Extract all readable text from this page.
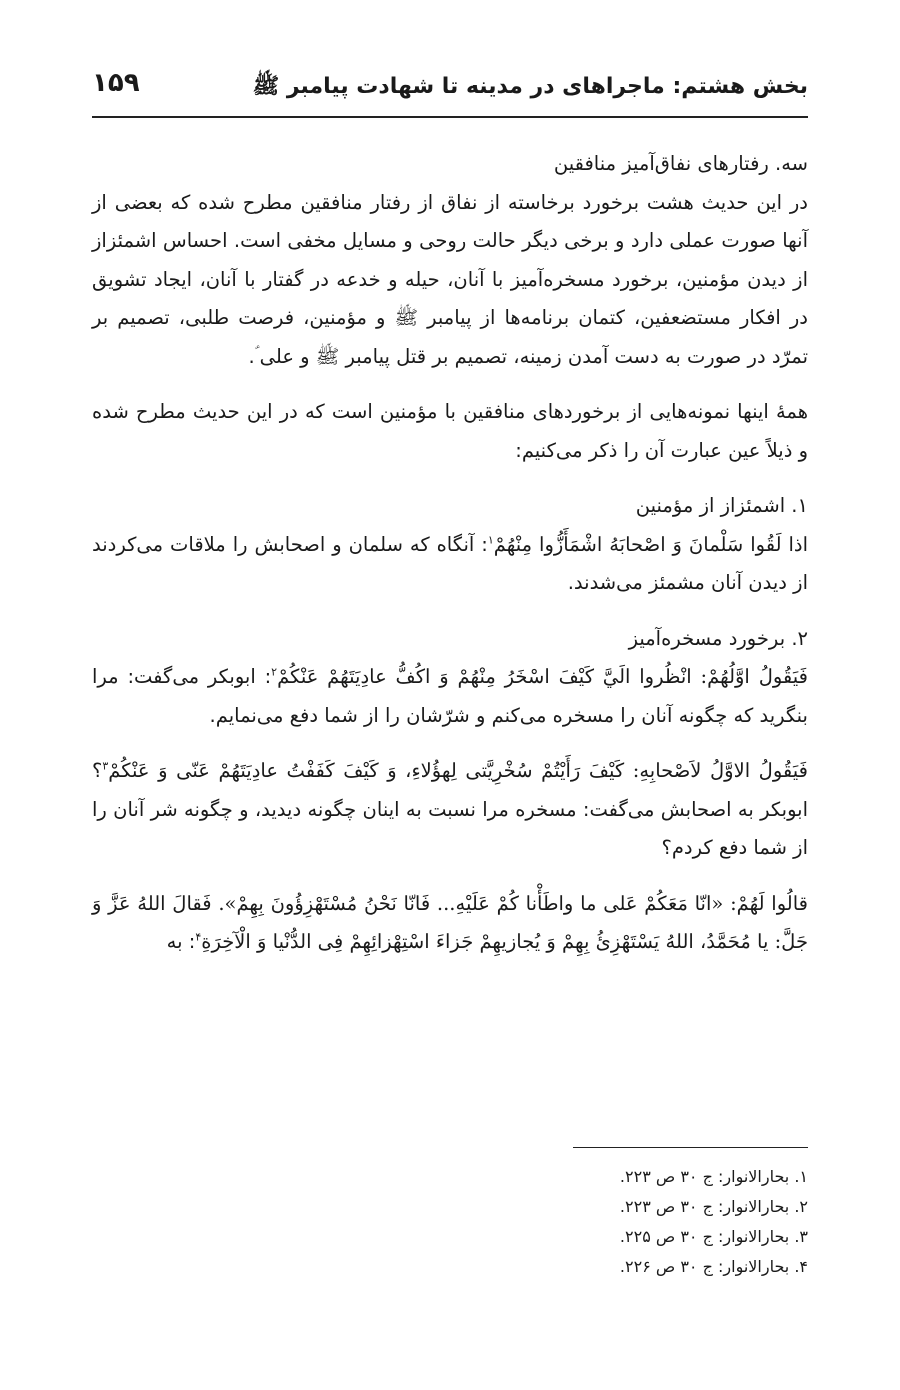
بخش هشتم: ماجراهای در مدینه تا شهادت پیامبر ﷺ
۱۵۹

سه. رفتارهای نفاق‌آمیز منافقین

در این حدیث هشت برخورد برخاسته از نفاق از رفتار منافقین مطرح شده که بعضی از آنها صورت عملی دارد و برخی دیگر حالت روحی و مسایل مخفی است. احساس اشمئزاز از دیدن مؤمنین، برخورد مسخره‌آمیز با آنان، حیله و خدعه در گفتار با آنان، ایجاد تشویق در افکار مستضعفین، کتمان برنامه‌ها از پیامبر ﷺ و مؤمنین، فرصت طلبی، تصمیم بر تمرّد در صورت به دست آمدن زمینه، تصمیم بر قتل پیامبر ﷺ و علی ؑ.

همهٔ اینها نمونه‌هایی از برخوردهای منافقین با مؤمنین است که در این حدیث مطرح شده و ذیلاً عین عبارت آن را ذکر می‌کنیم:

۱. اشمئزاز از مؤمنین

اذا لَقُوا سَلْمانَ وَ اصْحابَهُ اشْمَأَزُّوا مِنْهُمْ$^۱$: آنگاه که سلمان و اصحابش را ملاقات می‌کردند از دیدن آنان مشمئز می‌شدند.

۲. برخورد مسخره‌آمیز

فَيَقُولُ اوَّلُهُمْ: انْظُروا الَيَّ كَيْفَ اسْخَرُ مِنْهُمْ وَ اكُفُّ عادِيَتَهُمْ عَنْكُمْ$^۲$: ابوبکر می‌گفت: مرا بنگرید که چگونه آنان را مسخره می‌کنم و شرّشان را از شما دفع می‌نمایم.

فَيَقُولُ الاوَّلُ لاَصْحابِهِ: كَيْفَ رَأَيْتُمْ سُخْرِيَّتى لِهؤُلاءِ، وَ كَيْفَ كَفَفْتُ عادِيَتَهُمْ عَنّى وَ عَنْكُمْ$^۳$؟ ابوبکر به اصحابش می‌گفت: مسخره مرا نسبت به اینان چگونه دیدید، و چگونه شر آنان را از شما دفع کردم؟

قالُوا لَهُمْ: «انّا مَعَكُمْ عَلى ما واطَأْنا كُمْ عَلَيْهِ... فَانّا نَحْنُ مُسْتَهْزِؤُونَ بِهِمْ». فَقالَ اللهُ عَزَّ وَ جَلَّ: يا مُحَمَّدُ، اللهُ يَسْتَهْزِئُ بِهِمْ وَ يُجازيهِمْ جَزاءَ اسْتِهْزائِهِمْ فِى الدُّنْيا وَ الْآخِرَةِ$^۴$: به

۱. بحارالانوار: ج ۳۰ ص ۲۲۳.
۲. بحارالانوار: ج ۳۰ ص ۲۲۳.
۳. بحارالانوار: ج ۳۰ ص ۲۲۵.
۴. بحارالانوار: ج ۳۰ ص ۲۲۶.
